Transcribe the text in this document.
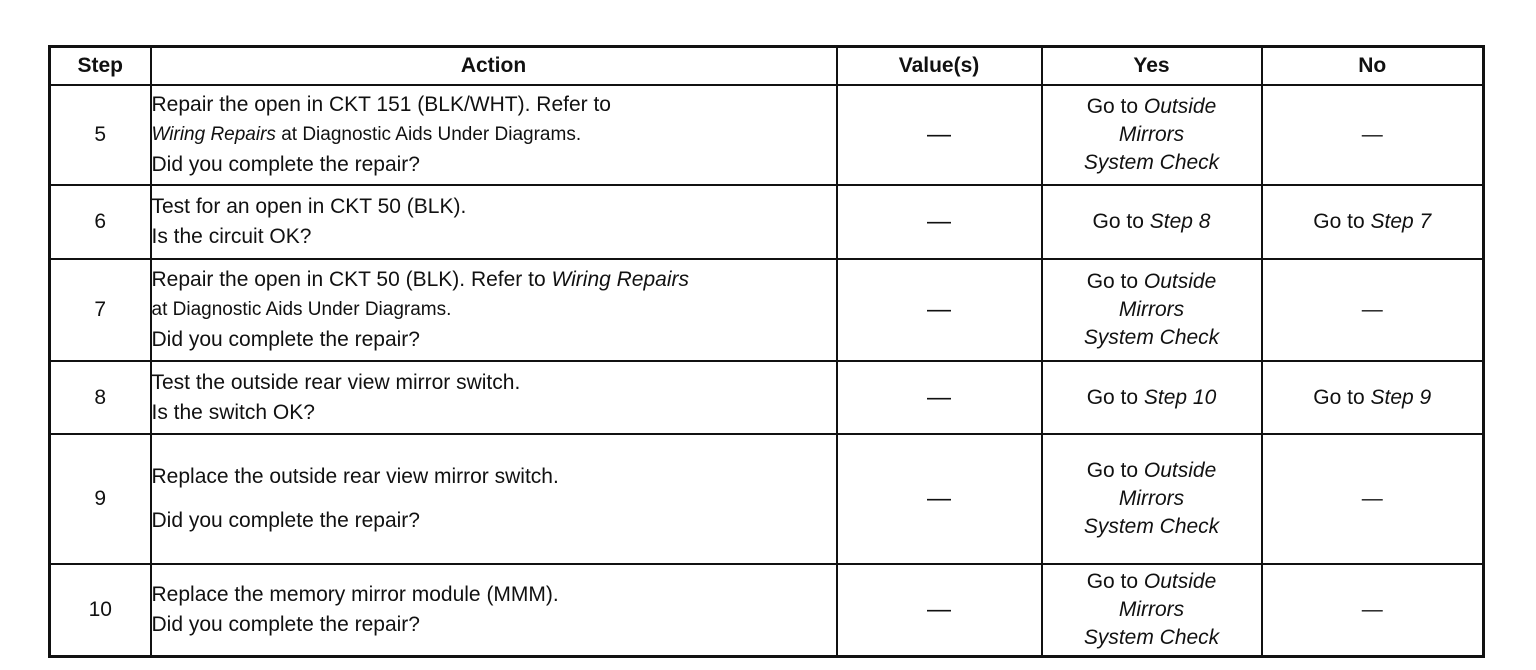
Step	Action	Value(s)	Yes	No
5	Repair the open in CKT 151 (BLK/WHT). Refer to
Wiring Repairs at Diagnostic Aids Under Diagrams.
Did you complete the repair?	—	Go to Outside
Mirrors
System Check	—
6	Test for an open in CKT 50 (BLK).
Is the circuit OK?	—	Go to Step 8	Go to Step 7
7	Repair the open in CKT 50 (BLK). Refer to Wiring Repairs
at Diagnostic Aids Under Diagrams.
Did you complete the repair?	—	Go to Outside
Mirrors
System Check	—
8	Test the outside rear view mirror switch.
Is the switch OK?	—	Go to Step 10	Go to Step 9
9	Replace the outside rear view mirror switch.
Did you complete the repair?	—	Go to Outside
Mirrors
System Check	—
10	Replace the memory mirror module (MMM).
Did you complete the repair?	—	Go to Outside
Mirrors
System Check	—
